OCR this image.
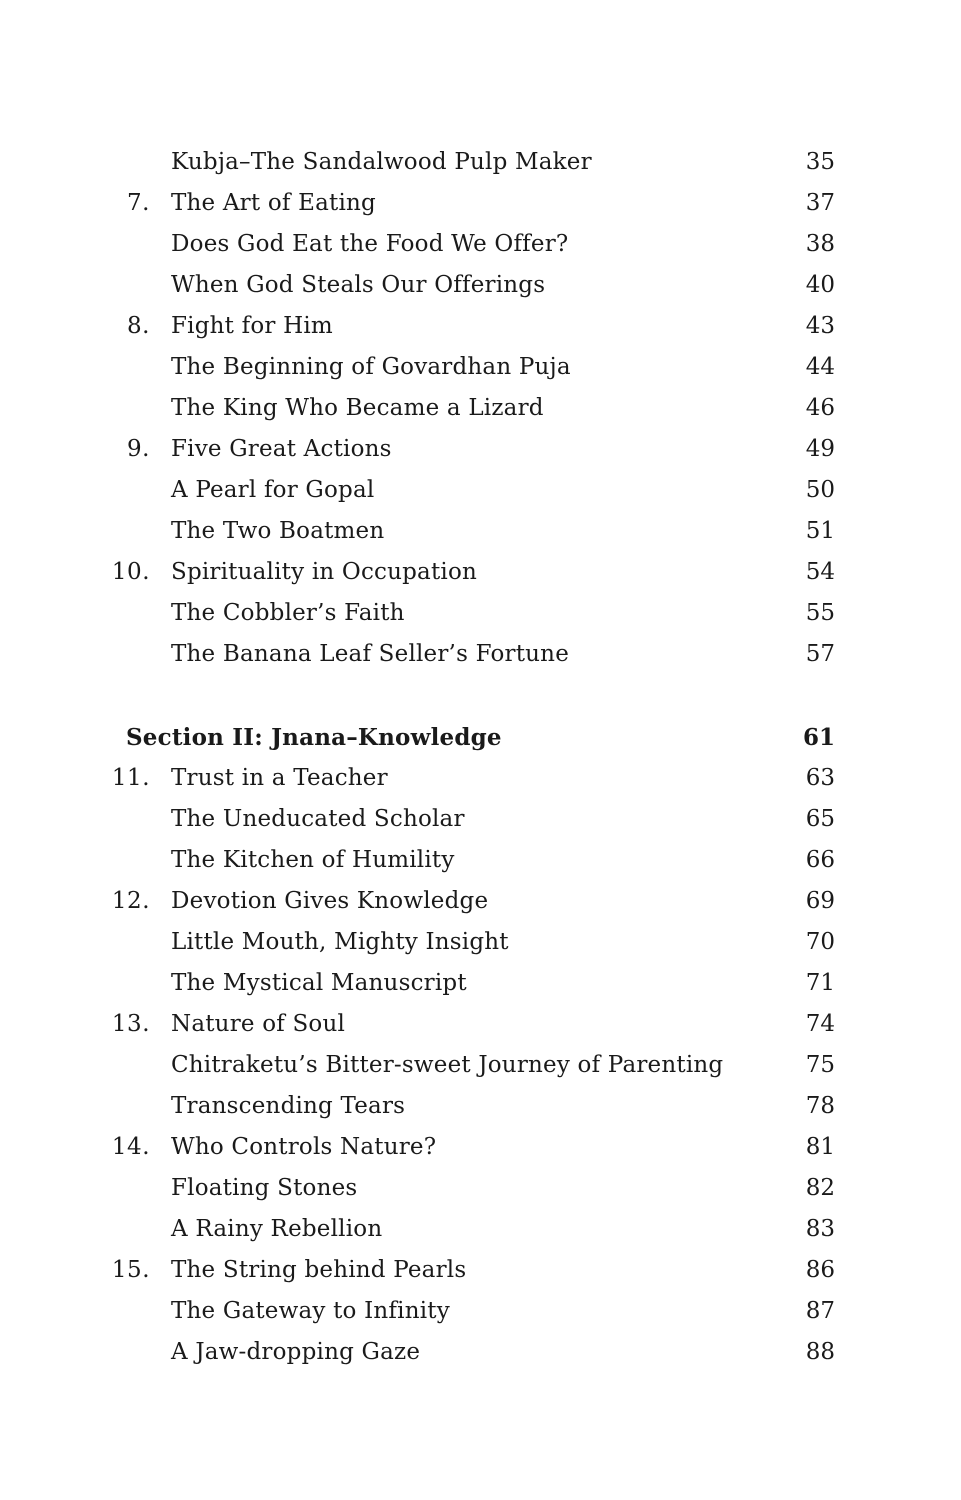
Kubja–The Sandalwood Pulp Maker	35
7. The Art of Eating	37
Does God Eat the Food We Offer?	38
When God Steals Our Offerings	40
8. Fight for Him	43
The Beginning of Govardhan Puja	44
The King Who Became a Lizard	46
9. Five Great Actions	49
A Pearl for Gopal	50
The Two Boatmen	51
10. Spirituality in Occupation	54
The Cobbler’s Faith	55
The Banana Leaf Seller’s Fortune	57
Section II: Jnana–Knowledge	61
11. Trust in a Teacher	63
The Uneducated Scholar	65
The Kitchen of Humility	66
12. Devotion Gives Knowledge	69
Little Mouth, Mighty Insight	70
The Mystical Manuscript	71
13. Nature of Soul	74
Chitraketu’s Bitter-sweet Journey of Parenting	75
Transcending Tears	78
14. Who Controls Nature?	81
Floating Stones	82
A Rainy Rebellion	83
15. The String behind Pearls	86
The Gateway to Infinity	87
A Jaw-dropping Gaze	88
